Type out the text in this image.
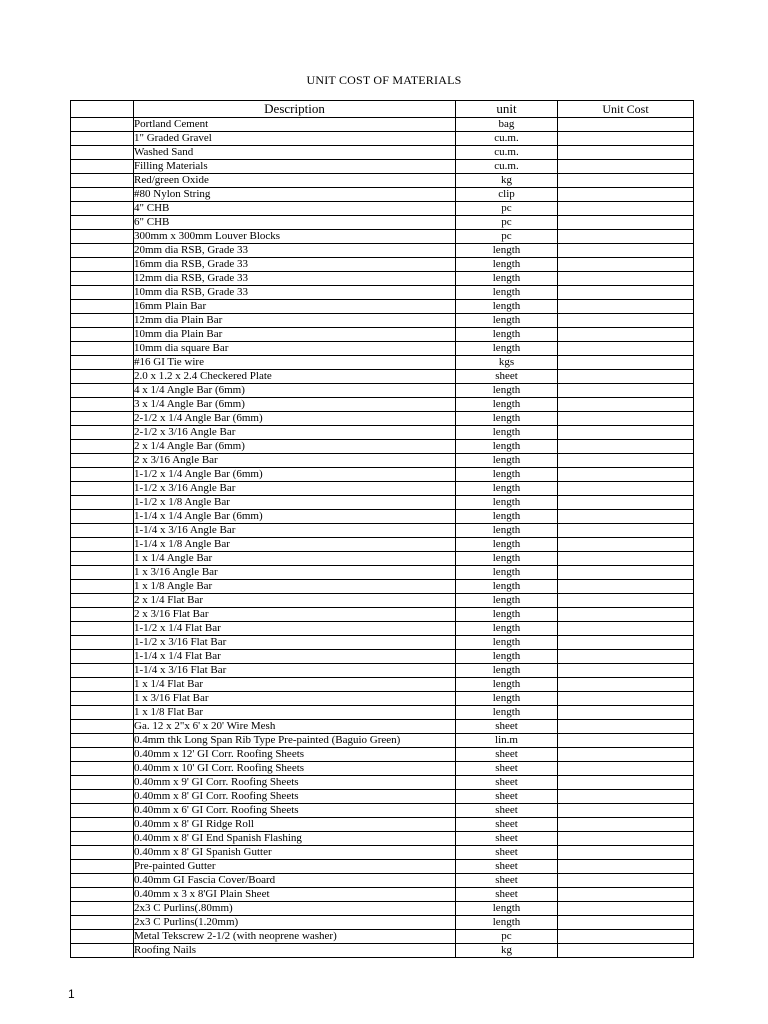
UNIT COST OF MATERIALS
	Description	unit	Unit Cost
	Portland Cement	bag	
	1" Graded Gravel	cu.m.	
	Washed Sand	cu.m.	
	Filling Materials	cu.m.	
	Red/green Oxide	kg	
	#80 Nylon String	clip	
	4" CHB	pc	
	6" CHB	pc	
	300mm x 300mm Louver Blocks	pc	
	20mm dia RSB, Grade 33	length	
	16mm dia RSB, Grade 33	length	
	12mm dia RSB, Grade 33	length	
	10mm dia RSB, Grade 33	length	
	16mm Plain Bar	length	
	12mm dia Plain Bar	length	
	10mm dia Plain Bar	length	
	10mm dia square Bar	length	
	#16 GI Tie wire	kgs	
	2.0 x 1.2 x 2.4 Checkered Plate	sheet	
	4 x 1/4 Angle Bar (6mm)	length	
	3 x 1/4 Angle Bar (6mm)	length	
	2-1/2 x 1/4 Angle Bar (6mm)	length	
	2-1/2 x 3/16 Angle Bar	length	
	2 x 1/4 Angle Bar (6mm)	length	
	2 x 3/16 Angle Bar	length	
	1-1/2 x 1/4 Angle Bar (6mm)	length	
	1-1/2 x 3/16 Angle Bar	length	
	1-1/2 x 1/8 Angle Bar	length	
	1-1/4 x 1/4 Angle Bar (6mm)	length	
	1-1/4 x 3/16 Angle Bar	length	
	1-1/4 x 1/8 Angle Bar	length	
	1 x 1/4 Angle Bar	length	
	1 x 3/16 Angle Bar	length	
	1 x 1/8 Angle Bar	length	
	2 x 1/4 Flat Bar	length	
	2 x 3/16 Flat Bar	length	
	1-1/2 x 1/4 Flat Bar	length	
	1-1/2 x 3/16 Flat Bar	length	
	1-1/4 x 1/4 Flat Bar	length	
	1-1/4 x 3/16 Flat Bar	length	
	1 x 1/4 Flat Bar	length	
	1 x 3/16 Flat Bar	length	
	1 x 1/8 Flat Bar	length	
	Ga. 12 x 2"x 6' x 20' Wire Mesh	sheet	
	0.4mm thk Long Span Rib Type Pre-painted (Baguio Green)	lin.m	
	0.40mm x 12' GI Corr. Roofing Sheets	sheet	
	0.40mm x 10' GI Corr. Roofing Sheets	sheet	
	0.40mm x 9' GI Corr. Roofing Sheets	sheet	
	0.40mm x 8' GI Corr. Roofing Sheets	sheet	
	0.40mm x 6' GI Corr. Roofing Sheets	sheet	
	0.40mm x 8' GI Ridge Roll	sheet	
	0.40mm x 8' GI End Spanish Flashing	sheet	
	0.40mm x 8' GI Spanish Gutter	sheet	
	Pre-painted Gutter	sheet	
	0.40mm GI Fascia Cover/Board	sheet	
	0.40mm x 3 x 8'GI Plain Sheet	sheet	
	2x3 C Purlins(.80mm)	length	
	2x3 C Purlins(1.20mm)	length	
	Metal Tekscrew 2-1/2 (with neoprene washer)	pc	
	Roofing Nails	kg	
1
